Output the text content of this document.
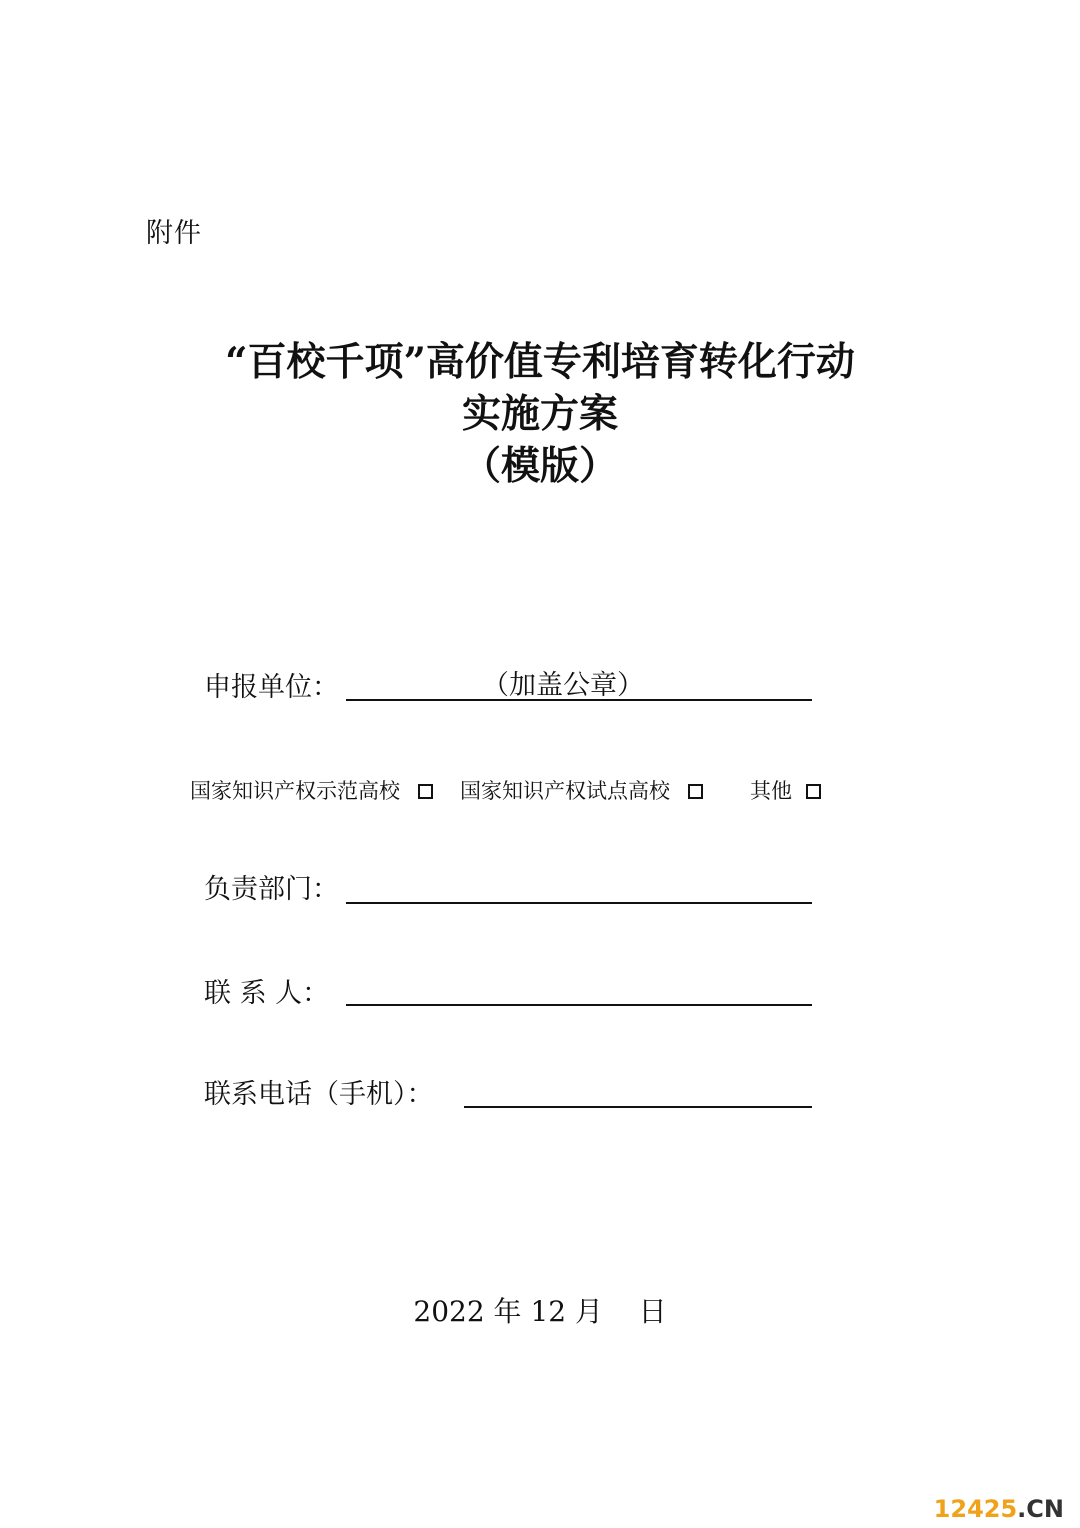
附件
“百校千项”高价值专利培育转化行动
实施方案
（模版）
申报单位：	（加盖公章）
国家知识产权示范高校	国家知识产权试点高校	其他
负责部门：
联 系 人：
联系电话（手机）：
2022 年 12 月    日
12425.CN
